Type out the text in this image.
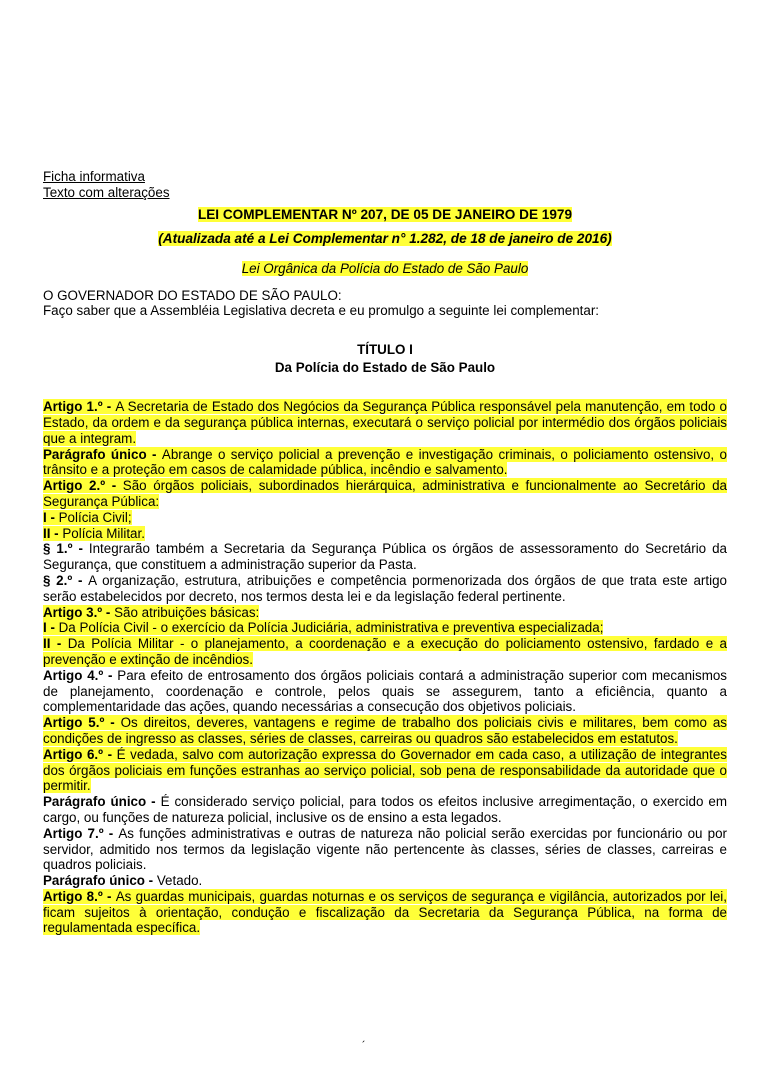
Ficha informativa
Texto com alterações
LEI COMPLEMENTAR Nº 207, DE 05 DE JANEIRO DE 1979
(Atualizada até a Lei Complementar n° 1.282, de 18 de janeiro de 2016)
Lei Orgânica da Polícia do Estado de São Paulo
O GOVERNADOR DO ESTADO DE SÃO PAULO:
Faço saber que a Assembléia Legislativa decreta e eu promulgo a seguinte lei complementar:
TÍTULO I
Da Polícia do Estado de São Paulo
Artigo 1.º - A Secretaria de Estado dos Negócios da Segurança Pública responsável pela manutenção, em todo o Estado, da ordem e da segurança pública internas, executará o serviço policial por intermédio dos órgãos policiais que a integram.
Parágrafo único - Abrange o serviço policial a prevenção e investigação criminais, o policiamento ostensivo, o trânsito e a proteção em casos de calamidade pública, incêndio e salvamento.
Artigo 2.º - São órgãos policiais, subordinados hierárquica, administrativa e funcionalmente ao Secretário da Segurança Pública:
I - Polícia Civil;
II - Polícia Militar.
§ 1.º - Integrarão também a Secretaria da Segurança Pública os órgãos de assessoramento do Secretário da Segurança, que constituem a administração superior da Pasta.
§ 2.º - A organização, estrutura, atribuições e competência pormenorizada dos órgãos de que trata este artigo serão estabelecidos por decreto, nos termos desta lei e da legislação federal pertinente.
Artigo 3.º - São atribuições básicas:
I - Da Polícia Civil - o exercício da Polícia Judiciária, administrativa e preventiva especializada;
II - Da Polícia Militar - o planejamento, a coordenação e a execução do policiamento ostensivo, fardado e a prevenção e extinção de incêndios.
Artigo 4.º - Para efeito de entrosamento dos órgãos policiais contará a administração superior com mecanismos de planejamento, coordenação e controle, pelos quais se assegurem, tanto a eficiência, quanto a complementaridade das ações, quando necessárias a consecução dos objetivos policiais.
Artigo 5.º - Os direitos, deveres, vantagens e regime de trabalho dos policiais civis e militares, bem como as condições de ingresso as classes, séries de classes, carreiras ou quadros são estabelecidos em estatutos.
Artigo 6.º - É vedada, salvo com autorização expressa do Governador em cada caso, a utilização de integrantes dos órgãos policiais em funções estranhas ao serviço policial, sob pena de responsabilidade da autoridade que o permitir.
Parágrafo único - É considerado serviço policial, para todos os efeitos inclusive arregimentação, o exercido em cargo, ou funções de natureza policial, inclusive os de ensino a esta legados.
Artigo 7.º - As funções administrativas e outras de natureza não policial serão exercidas por funcionário ou por servidor, admitido nos termos da legislação vigente não pertencente às classes, séries de classes, carreiras e quadros policiais.
Parágrafo único - Vetado.
Artigo 8.º - As guardas municipais, guardas noturnas e os serviços de segurança e vigilância, autorizados por lei, ficam sujeitos à orientação, condução e fiscalização da Secretaria da Segurança Pública, na forma de regulamentada específica.
´
